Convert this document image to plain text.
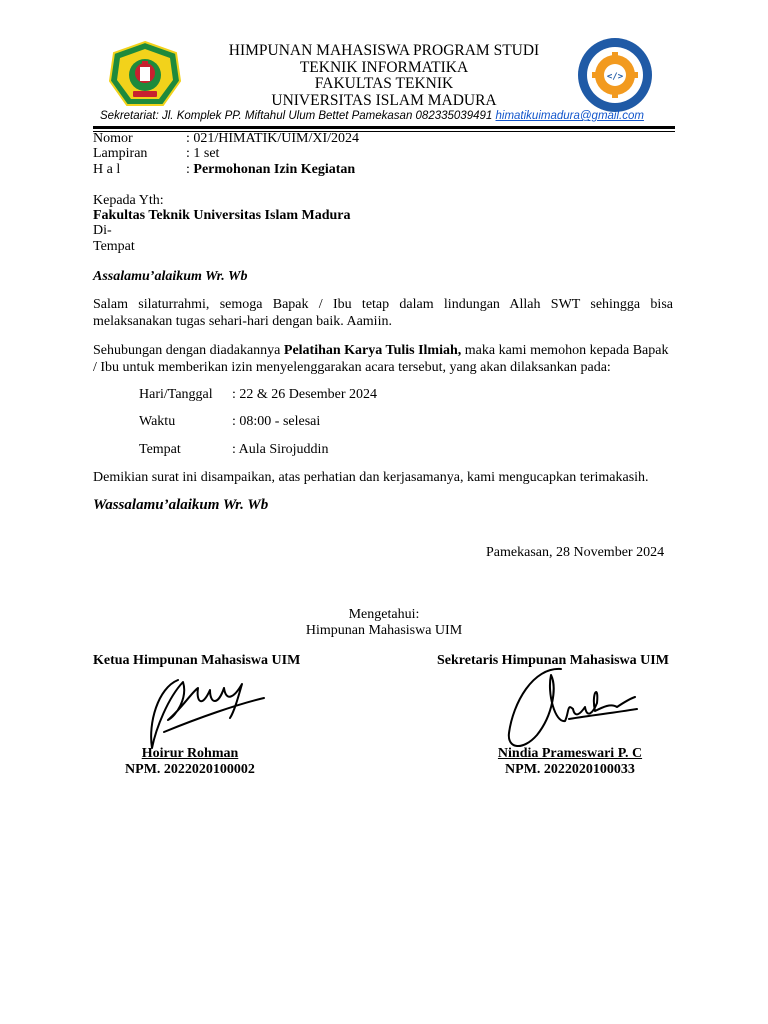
</>
HIMPUNAN MAHASISWA PROGRAM STUDI
TEKNIK INFORMATIKA
FAKULTAS TEKNIK
UNIVERSITAS ISLAM MADURA
Sekretariat: Jl. Komplek PP. Miftahul Ulum Bettet Pamekasan 082335039491 himatikuimadura@gmail.com
Nomor	: 021/HIMATIK/UIM/XI/2024
Lampiran	: 1 set
H a l	: Permohonan Izin Kegiatan
Kepada Yth:
Fakultas Teknik Universitas Islam Madura
Di-
Tempat
Assalamu’alaikum Wr. Wb
Salam silaturrahmi, semoga Bapak / Ibu tetap dalam lindungan Allah SWT sehingga bisa melaksanakan tugas sehari-hari dengan baik. Aamiin.
Sehubungan dengan diadakannya Pelatihan Karya Tulis Ilmiah, maka kami memohon kepada Bapak / Ibu untuk memberikan izin menyelenggarakan acara tersebut, yang akan dilaksankan pada:
Hari/Tanggal : 22 & 26 Desember 2024
Waktu	: 08:00 - selesai
Tempat	: Aula Sirojuddin
Demikian surat ini disampaikan, atas perhatian dan kerjasamanya, kami mengucapkan terimakasih.
Wassalamu’alaikum Wr. Wb
Pamekasan, 28 November 2024
Mengetahui:
Himpunan Mahasiswa UIM
Ketua Himpunan Mahasiswa UIM	Sekretaris Himpunan Mahasiswa UIM
Hoirur Rohman
NPM. 2022020100002
Nindia Prameswari P. C
NPM. 2022020100033
